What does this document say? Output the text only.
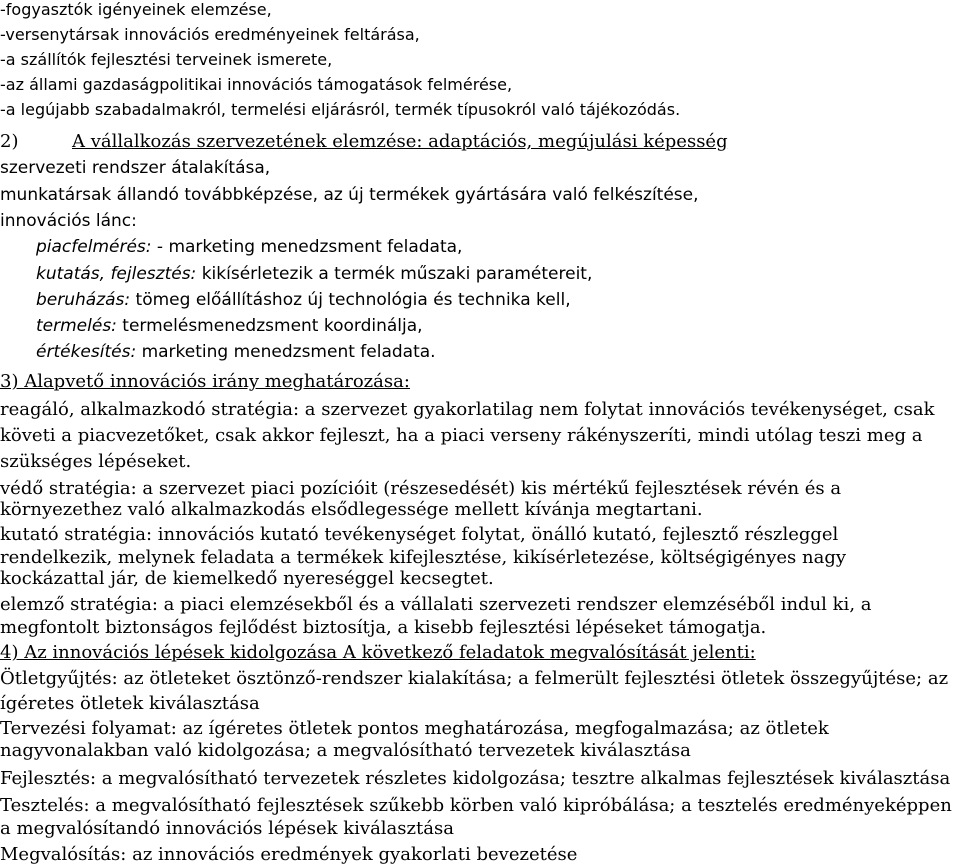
-fogyasztók igényeinek elemzése,
-versenytársak innovációs eredményeinek feltárása,
-a szállítók fejlesztési terveinek ismerete,
-az állami gazdaságpolitikai innovációs támogatások felmérése,
-a legújabb szabadalmakról, termelési eljárásról, termék típusokról való tájékozódás.
2)	A vállalkozás szervezetének elemzése: adaptációs, megújulási képesség
szervezeti rendszer átalakítása,
munkatársak állandó továbbképzése, az új termékek gyártására való felkészítése,
innovációs lánc:
piacfelmérés: - marketing menedzsment feladata,
kutatás, fejlesztés: kikísérletezik a termék műszaki paramétereit,
beruházás: tömeg előállításhoz új technológia és technika kell,
termelés: termelésmenedzsment koordinálja,
értékesítés: marketing menedzsment feladata.
3) Alapvető innovációs irány meghatározása:
reagáló, alkalmazkodó stratégia: a szervezet gyakorlatilag nem folytat innovációs tevékenységet, csak
követi a piacvezetőket, csak akkor fejleszt, ha a piaci verseny rákényszeríti, mindi utólag teszi meg a
szükséges lépéseket.
védő stratégia: a szervezet piaci pozícióit (részesedését) kis mértékű fejlesztések révén és a
környezethez való alkalmazkodás elsődlegessége mellett kívánja megtartani.
kutató stratégia: innovációs kutató tevékenységet folytat, önálló kutató, fejlesztő részleggel
rendelkezik, melynek feladata a termékek kifejlesztése, kikísérletezése, költségigényes nagy
kockázattal jár, de kiemelkedő nyereséggel kecsegtet.
elemző stratégia: a piaci elemzésekből és a vállalati szervezeti rendszer elemzéséből indul ki, a
megfontolt biztonságos fejlődést biztosítja, a kisebb fejlesztési lépéseket támogatja.
4) Az innovációs lépések kidolgozása A következő feladatok megvalósítását jelenti:
Ötletgyűjtés: az ötleteket ösztönző-rendszer kialakítása; a felmerült fejlesztési ötletek összegyűjtése; az
ígéretes ötletek kiválasztása
Tervezési folyamat: az ígéretes ötletek pontos meghatározása, megfogalmazása; az ötletek
nagyvonalakban való kidolgozása; a megvalósítható tervezetek kiválasztása
Fejlesztés: a megvalósítható tervezetek részletes kidolgozása; tesztre alkalmas fejlesztések kiválasztása
Tesztelés: a megvalósítható fejlesztések szűkebb körben való kipróbálása; a tesztelés eredményeképpen
a megvalósítandó innovációs lépések kiválasztása
Megvalósítás: az innovációs eredmények gyakorlati bevezetése
